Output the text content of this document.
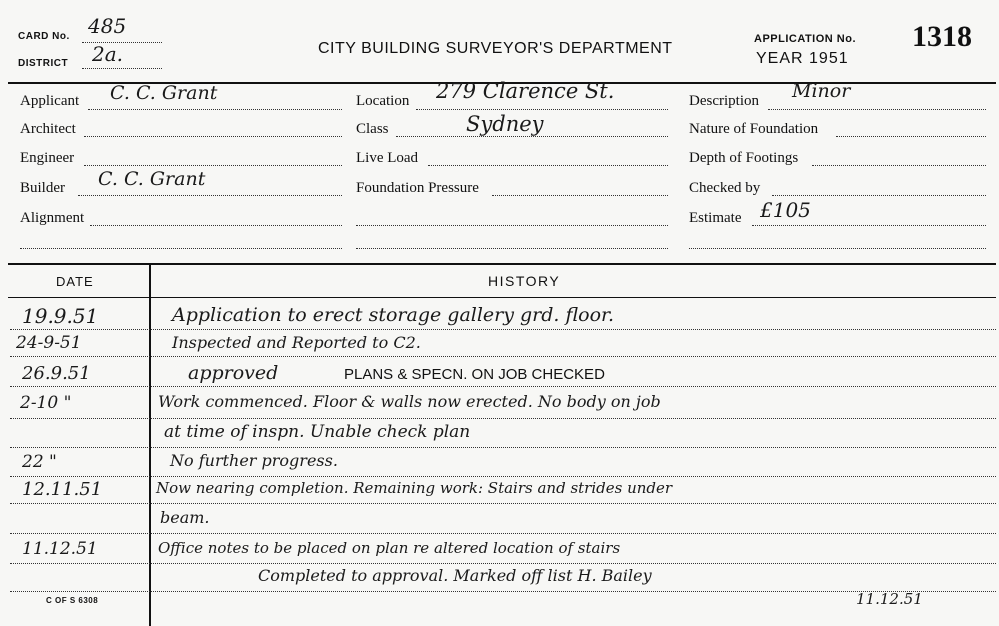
CARD No. 485
DISTRICT 2a.	CITY BUILDING SURVEYOR'S DEPARTMENT
APPLICATION No. 1318
YEAR 1951
Applicant C. C. Grant
Architect
Engineer
Builder C. C. Grant
Alignment
Location 279 Clarence St.
Class	Sydney
Live Load
Foundation Pressure
Description Minor
Nature of Foundation
Depth of Footings
Checked by
Estimate £105
DATE	HISTORY
19.9.51	Application to erect storage gallery grd. floor.
24-9-51	Inspected and Reported to C2.
26.9.51	approved	PLANS & SPECN. ON JOB CHECKED
2-10 "	Work commenced. Floor & walls now erected. No body on job
at time of inspn. Unable check plan
22 "	No further progress.
12.11.51	Now nearing completion. Remaining work: Stairs and strides under
beam.
11.12.51	Office notes to be placed on plan re altered location of stairs
Completed to approval. Marked off list H. Bailey
11.12.51
C OF S 6308
